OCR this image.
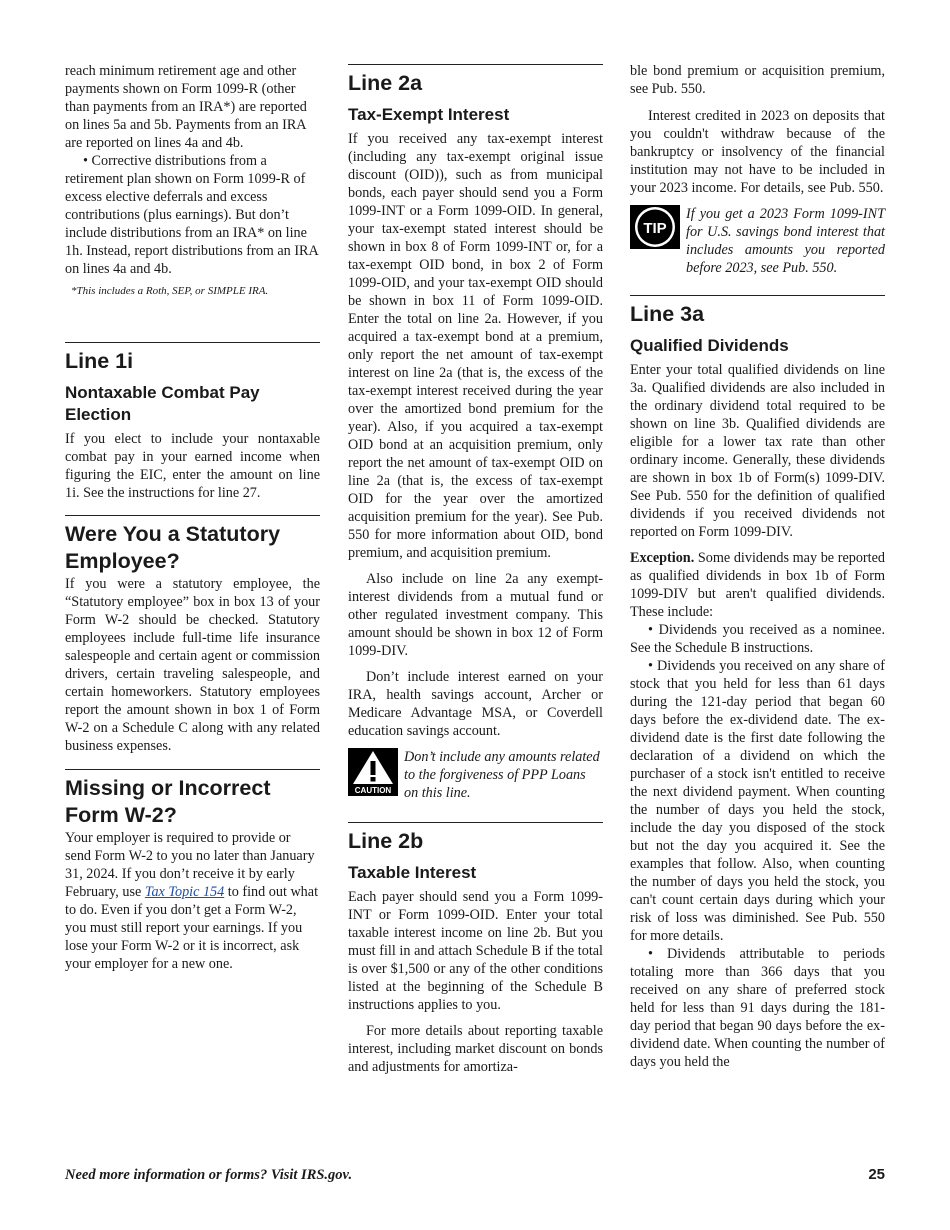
reach minimum retirement age and other payments shown on Form 1099-R (other than payments from an IRA*) are reported on lines 5a and 5b. Payments from an IRA are reported on lines 4a and 4b.

• Corrective distributions from a retirement plan shown on Form 1099-R of excess elective deferrals and excess contributions (plus earnings). But don’t include distributions from an IRA* on line 1h. Instead, report distributions from an IRA on lines 4a and 4b.

*This includes a Roth, SEP, or SIMPLE IRA.
Line 1i
Nontaxable Combat Pay Election

If you elect to include your nontaxable combat pay in your earned income when figuring the EIC, enter the amount on line 1i. See the instructions for line 27.

Were You a Statutory Employee?

If you were a statutory employee, the “Statutory employee” box in box 13 of your Form W-2 should be checked. Statutory employees include full-time life insurance salespeople and certain agent or commission drivers, certain traveling salespeople, and certain homeworkers. Statutory employees report the amount shown in box 1 of Form W-2 on a Schedule C along with any related business expenses.

Missing or Incorrect Form W-2?

Your employer is required to provide or send Form W-2 to you no later than January 31, 2024. If you don’t receive it by early February, use Tax Topic 154 to find out what to do. Even if you don’t get a Form W-2, you must still report your earnings. If you lose your Form W-2 or it is incorrect, ask your employer for a new one.

Line 2a
Tax-Exempt Interest

If you received any tax-exempt interest (including any tax-exempt original issue discount (OID)), such as from municipal bonds, each payer should send you a Form 1099-INT or a Form 1099-OID. In general, your tax-exempt stated interest should be shown in box 8 of Form 1099-INT or, for a tax-exempt OID bond, in box 2 of Form 1099-OID, and your tax-exempt OID should be shown in box 11 of Form 1099-OID. Enter the total on line 2a. However, if you acquired a tax-exempt bond at a premium, only report the net amount of tax-exempt interest on line 2a (that is, the excess of the tax-exempt interest received during the year over the amortized bond premium for the year). Also, if you acquired a tax-exempt OID bond at an acquisition premium, only report the net amount of tax-exempt OID on line 2a (that is, the excess of tax-exempt OID for the year over the amortized acquisition premium for the year). See Pub. 550 for more information about OID, bond premium, and acquisition premium.

Also include on line 2a any exempt-interest dividends from a mutual fund or other regulated investment company. This amount should be shown in box 12 of Form 1099-DIV.

Don’t include interest earned on your IRA, health savings account, Archer or Medicare Advantage MSA, or Coverdell education savings account.

CAUTION

Don’t include any amounts related to the forgiveness of PPP Loans on this line.

Line 2b
Taxable Interest

Each payer should send you a Form 1099-INT or Form 1099-OID. Enter your total taxable interest income on line 2b. But you must fill in and attach Schedule B if the total is over $1,500 or any of the other conditions listed at the beginning of the Schedule B instructions applies to you.

For more details about reporting taxable interest, including market discount on bonds and adjustments for amortiza-

ble bond premium or acquisition premium, see Pub. 550.

Interest credited in 2023 on deposits that you couldn't withdraw because of the bankruptcy or insolvency of the financial institution may not have to be included in your 2023 income. For details, see Pub. 550.

TIP

If you get a 2023 Form 1099-INT for U.S. savings bond interest that includes amounts you reported before 2023, see Pub. 550.

Line 3a
Qualified Dividends

Enter your total qualified dividends on line 3a. Qualified dividends are also included in the ordinary dividend total required to be shown on line 3b. Qualified dividends are eligible for a lower tax rate than other ordinary income. Generally, these dividends are shown in box 1b of Form(s) 1099-DIV. See Pub. 550 for the definition of qualified dividends if you received dividends not reported on Form 1099-DIV.

Exception. Some dividends may be reported as qualified dividends in box 1b of Form 1099-DIV but aren't qualified dividends. These include:

• Dividends you received as a nominee. See the Schedule B instructions.

• Dividends you received on any share of stock that you held for less than 61 days during the 121-day period that began 60 days before the ex-dividend date. The ex-dividend date is the first date following the declaration of a dividend on which the purchaser of a stock isn't entitled to receive the next dividend payment. When counting the number of days you held the stock, include the day you disposed of the stock but not the day you acquired it. See the examples that follow. Also, when counting the number of days you held the stock, you can't count certain days during which your risk of loss was diminished. See Pub. 550 for more details.

• Dividends attributable to periods totaling more than 366 days that you received on any share of preferred stock held for less than 91 days during the 181-day period that began 90 days before the ex-dividend date. When counting the number of days you held the

Need more information or forms? Visit IRS.gov.	25
